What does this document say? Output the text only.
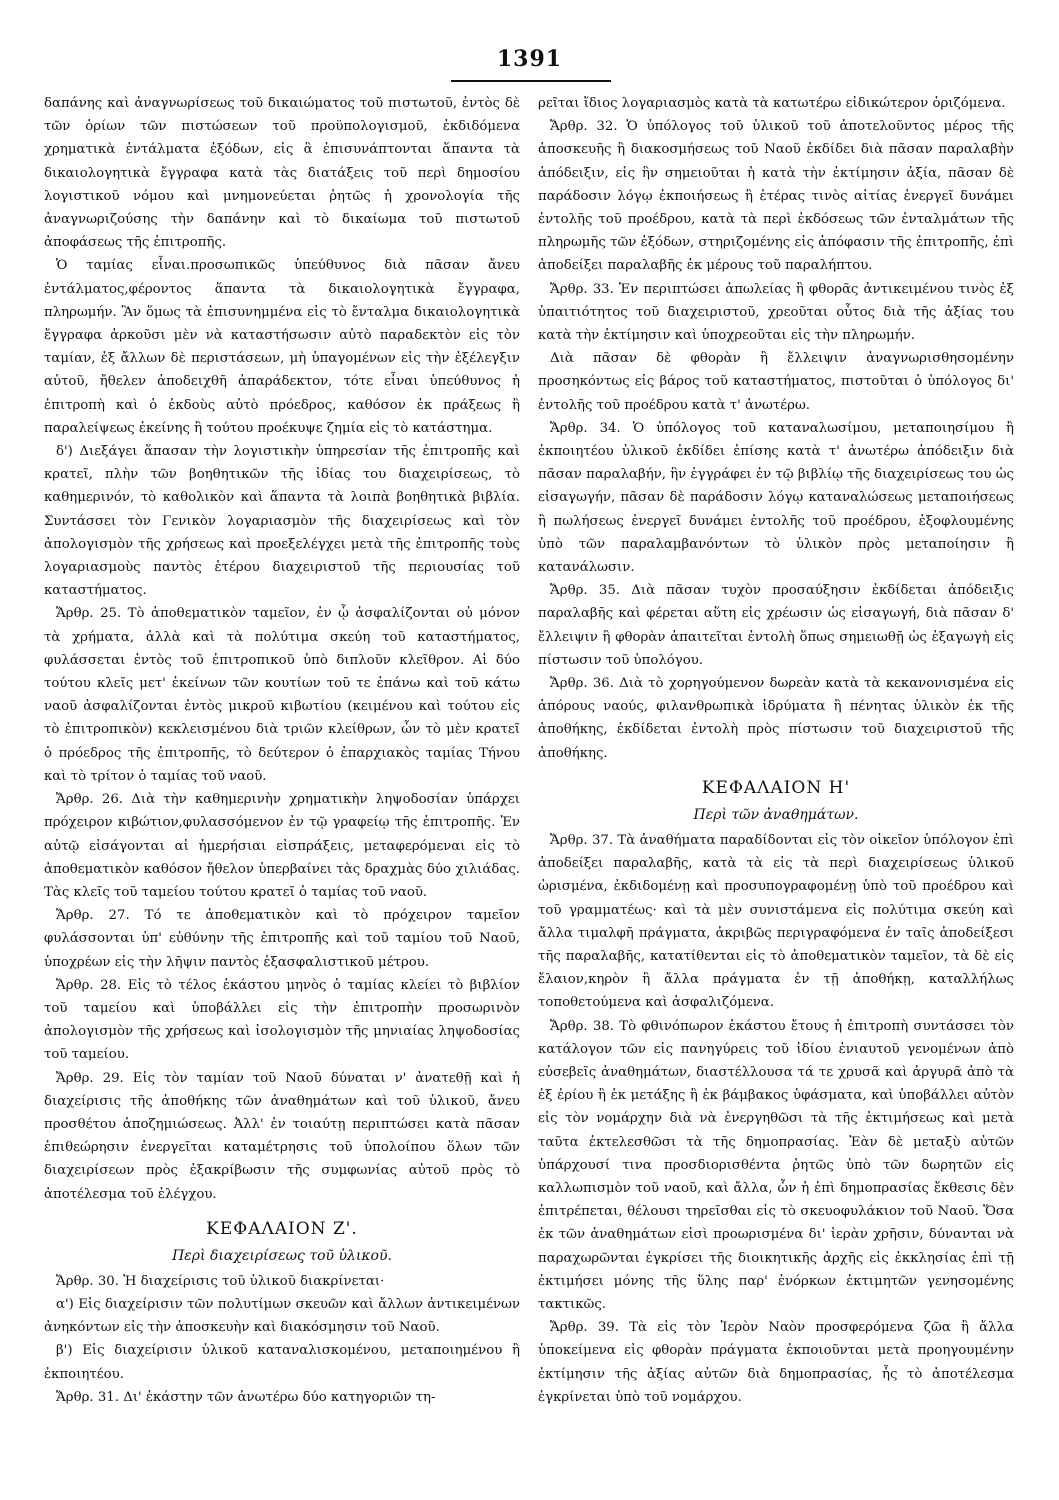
1391

δαπάνης καὶ ἀναγνωρίσεως τοῦ δικαιώματος τοῦ πιστωτοῦ, ἐντὸς δὲ τῶν ὁρίων τῶν πιστώσεων τοῦ προϋπολογισμοῦ, ἐκδιδόμενα χρηματικὰ ἐντάλματα ἐξόδων, εἰς ἃ ἐπισυνάπτονται ἅπαντα τὰ δικαιολογητικὰ ἔγγραφα κατὰ τὰς διατάξεις τοῦ περὶ δημοσίου λογιστικοῦ νόμου καὶ μνημονεύεται ῥητῶς ἡ χρονολογία τῆς ἀναγνωριζούσης τὴν δαπάνην καὶ τὸ δικαίωμα τοῦ πιστωτοῦ ἀποφάσεως τῆς ἐπιτροπῆς.

Ὁ ταμίας εἶναι.προσωπικῶς ὑπεύθυνος διὰ πᾶσαν ἄνευ ἐντάλματος,φέροντος ἅπαντα τὰ δικαιολογητικὰ ἔγγραφα, πληρωμήν. Ἂν ὅμως τὰ ἐπισυνημμένα εἰς τὸ ἔνταλμα δικαιολογητικὰ ἔγγραφα ἀρκοῦσι μὲν νὰ καταστήσωσιν αὐτὸ παραδεκτὸν εἰς τὸν ταμίαν, ἐξ ἄλλων δὲ περιστάσεων, μὴ ὑπαγομένων εἰς τὴν ἐξέλεγξιν αὐτοῦ, ἤθελεν ἀποδειχθῆ ἀπαράδεκτον, τότε εἶναι ὑπεύθυνος ἡ ἐπιτροπὴ καὶ ὁ ἐκδοὺς αὐτὸ πρόεδρος, καθόσον ἐκ πράξεως ἢ παραλείψεως ἐκείνης ἢ τούτου προέκυψε ζημία εἰς τὸ κατάστημα.

δ') Διεξάγει ἅπασαν τὴν λογιστικὴν ὑπηρεσίαν τῆς ἐπιτροπῆς καὶ κρατεῖ, πλὴν τῶν βοηθητικῶν τῆς ἰδίας του διαχειρίσεως, τὸ καθημερινόν, τὸ καθολικὸν καὶ ἅπαντα τὰ λοιπὰ βοηθητικὰ βιβλία. Συντάσσει τὸν Γενικὸν λογαριασμὸν τῆς διαχειρίσεως καὶ τὸν ἀπολογισμὸν τῆς χρήσεως καὶ προεξελέγχει μετὰ τῆς ἐπιτροπῆς τοὺς λογαριασμοὺς παντὸς ἑτέρου διαχειριστοῦ τῆς περιουσίας τοῦ καταστήματος.

Ἄρθρ. 25. Τὸ ἀποθεματικὸν ταμεῖον, ἐν ᾧ ἀσφαλίζονται οὐ μόνον τὰ χρήματα, ἀλλὰ καὶ τὰ πολύτιμα σκεύη τοῦ καταστήματος, φυλάσσεται ἐντὸς τοῦ ἐπιτροπικοῦ ὑπὸ διπλοῦν κλεῖθρον. Αἱ δύο τούτου κλεῖς μετ' ἐκείνων τῶν κουτίων τοῦ τε ἐπάνω καὶ τοῦ κάτω ναοῦ ἀσφαλίζονται ἐντὸς μικροῦ κιβωτίου (κειμένου καὶ τούτου εἰς τὸ ἐπιτροπικὸν) κεκλεισμένου διὰ τριῶν κλείθρων, ὧν τὸ μὲν κρατεῖ ὁ πρόεδρος τῆς ἐπιτροπῆς, τὸ δεύτερον ὁ ἐπαρχιακὸς ταμίας Τήνου καὶ τὸ τρίτον ὁ ταμίας τοῦ ναοῦ.

Ἄρθρ. 26. Διὰ τὴν καθημερινὴν χρηματικὴν ληψοδοσίαν ὑπάρχει πρόχειρον κιβώτιον,φυλασσόμενον ἐν τῷ γραφείῳ τῆς ἐπιτροπῆς. Ἐν αὐτῷ εἰσάγονται αἱ ἡμερήσιαι εἰσπράξεις, μεταφερόμεναι εἰς τὸ ἀποθεματικὸν καθόσον ἤθελον ὑπερβαίνει τὰς δραχμὰς δύο χιλιάδας. Τὰς κλεῖς τοῦ ταμείου τούτου κρατεῖ ὁ ταμίας τοῦ ναοῦ.

Ἄρθρ. 27. Τό τε ἀποθεματικὸν καὶ τὸ πρόχειρον ταμεῖον φυλάσσονται ὑπ' εὐθύνην τῆς ἐπιτροπῆς καὶ τοῦ ταμίου τοῦ Ναοῦ, ὑποχρέων εἰς τὴν λῆψιν παντὸς ἐξασφαλιστικοῦ μέτρου.

Ἄρθρ. 28. Εἰς τὸ τέλος ἑκάστου μηνὸς ὁ ταμίας κλείει τὸ βιβλίον τοῦ ταμείου καὶ ὑποβάλλει εἰς τὴν ἐπιτροπὴν προσωρινὸν ἀπολογισμὸν τῆς χρήσεως καὶ ἰσολογισμὸν τῆς μηνιαίας ληψοδοσίας τοῦ ταμείου.

Ἄρθρ. 29. Εἰς τὸν ταμίαν τοῦ Ναοῦ δύναται ν' ἀνατεθῇ καὶ ἡ διαχείρισις τῆς ἀποθήκης τῶν ἀναθημάτων καὶ τοῦ ὑλικοῦ, ἄνευ προσθέτου ἀποζημιώσεως. Ἀλλ' ἐν τοιαύτῃ περιπτώσει κατὰ πᾶσαν ἐπιθεώρησιν ἐνεργεῖται καταμέτρησις τοῦ ὑπολοίπου ὅλων τῶν διαχειρίσεων πρὸς ἐξακρίβωσιν τῆς συμφωνίας αὐτοῦ πρὸς τὸ ἀποτέλεσμα τοῦ ἐλέγχου.

ΚΕΦΑΛΑΙΟΝ Ζ'.
Περὶ διαχειρίσεως τοῦ ὑλικοῦ.

Ἄρθρ. 30. Ἡ διαχείρισις τοῦ ὑλικοῦ διακρίνεται·

α') Εἰς διαχείρισιν τῶν πολυτίμων σκευῶν καὶ ἄλλων ἀντικειμένων ἀνηκόντων εἰς τὴν ἀποσκευὴν καὶ διακόσμησιν τοῦ Ναοῦ.

β') Εἰς διαχείρισιν ὑλικοῦ καταναλισκομένου, μεταποιημένου ἢ ἐκποιητέου.

Ἄρθρ. 31. Δι' ἑκάστην τῶν ἀνωτέρω δύο κατηγοριῶν τη-

ρεῖται ἴδιος λογαριασμὸς κατὰ τὰ κατωτέρω εἰδικώτερον ὁριζόμενα.

Ἄρθρ. 32. Ὁ ὑπόλογος τοῦ ὑλικοῦ τοῦ ἀποτελοῦντος μέρος τῆς ἀποσκευῆς ἢ διακοσμήσεως τοῦ Ναοῦ ἐκδίδει διὰ πᾶσαν παραλαβὴν ἀπόδειξιν, εἰς ἣν σημειοῦται ἡ κατὰ τὴν ἐκτίμησιν ἀξία, πᾶσαν δὲ παράδοσιν λόγῳ ἐκποιήσεως ἢ ἑτέρας τινὸς αἰτίας ἐνεργεῖ δυνάμει ἐντολῆς τοῦ προέδρου, κατὰ τὰ περὶ ἐκδόσεως τῶν ἐνταλμάτων τῆς πληρωμῆς τῶν ἐξόδων, στηριζομένης εἰς ἀπόφασιν τῆς ἐπιτροπῆς, ἐπὶ ἀποδείξει παραλαβῆς ἐκ μέρους τοῦ παραλήπτου.

Ἄρθρ. 33. Ἐν περιπτώσει ἀπωλείας ἢ φθορᾶς ἀντικειμένου τινὸς ἐξ ὑπαιτιότητος τοῦ διαχειριστοῦ, χρεοῦται οὗτος διὰ τῆς ἀξίας του κατὰ τὴν ἐκτίμησιν καὶ ὑποχρεοῦται εἰς τὴν πληρωμήν.

Διὰ πᾶσαν δὲ φθορὰν ἢ ἔλλειψιν ἀναγνωρισθησομένην προσηκόντως εἰς βάρος τοῦ καταστήματος, πιστοῦται ὁ ὑπόλογος δι' ἐντολῆς τοῦ προέδρου κατὰ τ' ἀνωτέρω.

Ἄρθρ. 34. Ὁ ὑπόλογος τοῦ καταναλωσίμου, μεταποιησίμου ἢ ἐκποιητέου ὑλικοῦ ἐκδίδει ἐπίσης κατὰ τ' ἀνωτέρω ἀπόδειξιν διὰ πᾶσαν παραλαβήν, ἣν ἐγγράφει ἐν τῷ βιβλίῳ τῆς διαχειρίσεως του ὡς εἰσαγωγήν, πᾶσαν δὲ παράδοσιν λόγῳ καταναλώσεως μεταποιήσεως ἢ πωλήσεως ἐνεργεῖ δυνάμει ἐντολῆς τοῦ προέδρου, ἐξοφλουμένης ὑπὸ τῶν παραλαμβανόντων τὸ ὑλικὸν πρὸς μεταποίησιν ἢ κατανάλωσιν.

Ἄρθρ. 35. Διὰ πᾶσαν τυχὸν προσαύξησιν ἐκδίδεται ἀπόδειξις παραλαβῆς καὶ φέρεται αὕτη εἰς χρέωσιν ὡς εἰσαγωγή, διὰ πᾶσαν δ' ἔλλειψιν ἢ φθορὰν ἀπαιτεῖται ἐντολὴ ὅπως σημειωθῇ ὡς ἐξαγωγὴ εἰς πίστωσιν τοῦ ὑπολόγου.

Ἄρθρ. 36. Διὰ τὸ χορηγούμενον δωρεὰν κατὰ τὰ κεκανονισμένα εἰς ἀπόρους ναούς, φιλανθρωπικὰ ἱδρύματα ἢ πένητας ὑλικὸν ἐκ τῆς ἀποθήκης, ἐκδίδεται ἐντολὴ πρὸς πίστωσιν τοῦ διαχειριστοῦ τῆς ἀποθήκης.

ΚΕΦΑΛΑΙΟΝ Η'
Περὶ τῶν ἀναθημάτων.

Ἄρθρ. 37. Τὰ ἀναθήματα παραδίδονται εἰς τὸν οἰκεῖον ὑπόλογον ἐπὶ ἀποδείξει παραλαβῆς, κατὰ τὰ εἰς τὰ περὶ διαχειρίσεως ὑλικοῦ ὡρισμένα, ἐκδιδομένῃ καὶ προσυπογραφομένῃ ὑπὸ τοῦ προέδρου καὶ τοῦ γραμματέως· καὶ τὰ μὲν συνιστάμενα εἰς πολύτιμα σκεύη καὶ ἄλλα τιμαλφῆ πράγματα, ἀκριβῶς περιγραφόμενα ἐν ταῖς ἀποδείξεσι τῆς παραλαβῆς, κατατίθενται εἰς τὸ ἀποθεματικὸν ταμεῖον, τὰ δὲ εἰς ἔλαιον,κηρὸν ἢ ἄλλα πράγματα ἐν τῇ ἀποθήκῃ, καταλλήλως τοποθετούμενα καὶ ἀσφαλιζόμενα.

Ἄρθρ. 38. Τὸ φθινόπωρον ἑκάστου ἔτους ἡ ἐπιτροπὴ συντάσσει τὸν κατάλογον τῶν εἰς πανηγύρεις τοῦ ἰδίου ἐνιαυτοῦ γενομένων ἀπὸ εὐσεβεῖς ἀναθημάτων, διαστέλλουσα τά τε χρυσᾶ καὶ ἀργυρᾶ ἀπὸ τὰ ἐξ ἐρίου ἢ ἐκ μετάξης ἢ ἐκ βάμβακος ὑφάσματα, καὶ ὑποβάλλει αὐτὸν εἰς τὸν νομάρχην διὰ νὰ ἐνεργηθῶσι τὰ τῆς ἐκτιμήσεως καὶ μετὰ ταῦτα ἐκτελεσθῶσι τὰ τῆς δημοπρασίας. Ἐὰν δὲ μεταξὺ αὐτῶν ὑπάρχουσί τινα προσδιορισθέντα ῥητῶς ὑπὸ τῶν δωρητῶν εἰς καλλωπισμὸν τοῦ ναοῦ, καὶ ἄλλα, ὧν ἡ ἐπὶ δημοπρασίας ἔκθεσις δὲν ἐπιτρέπεται, θέλουσι τηρεῖσθαι εἰς τὸ σκευοφυλάκιον τοῦ Ναοῦ. Ὅσα ἐκ τῶν ἀναθημάτων εἰσὶ προωρισμένα δι' ἱερὰν χρῆσιν, δύνανται νὰ παραχωρῶνται ἐγκρίσει τῆς διοικητικῆς ἀρχῆς εἰς ἐκκλησίας ἐπὶ τῇ ἐκτιμήσει μόνης τῆς ὕλης παρ' ἐνόρκων ἐκτιμητῶν γενησομένης τακτικῶς.

Ἄρθρ. 39. Τὰ εἰς τὸν Ἱερὸν Ναὸν προσφερόμενα ζῶα ἢ ἄλλα ὑποκείμενα εἰς φθορὰν πράγματα ἐκποιοῦνται μετὰ προηγουμένην ἐκτίμησιν τῆς ἀξίας αὐτῶν διὰ δημοπρασίας, ἧς τὸ ἀποτέλεσμα ἐγκρίνεται ὑπὸ τοῦ νομάρχου.
